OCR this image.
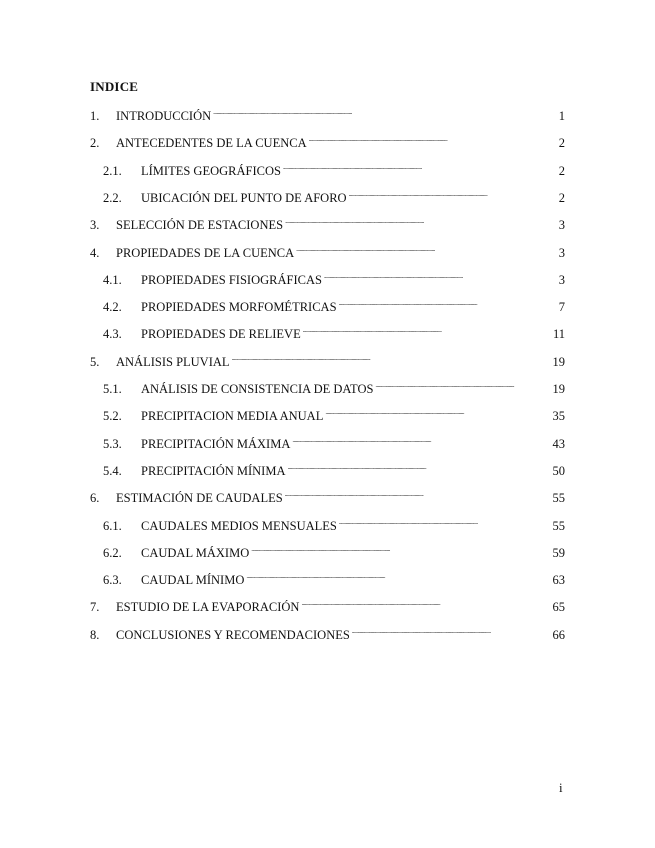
INDICE
1.	INTRODUCCIÓN . . .	1
2.	ANTECEDENTES DE LA CUENCA . . .	2
2.1.	LÍMITES GEOGRÁFICOS . . .	2
2.2.	UBICACIÓN DEL PUNTO DE AFORO . . .	2
3.	SELECCIÓN DE ESTACIONES . . .	3
4.	PROPIEDADES DE LA CUENCA . . .	3
4.1.	PROPIEDADES FISIOGRÁFICAS . . .	3
4.2.	PROPIEDADES MORFOMÉTRICAS . . .	7
4.3.	PROPIEDADES DE RELIEVE . . .	11
5.	ANÁLISIS PLUVIAL . . .	19
5.1.	ANÁLISIS DE CONSISTENCIA DE DATOS . . .	19
5.2.	PRECIPITACION MEDIA ANUAL . . .	35
5.3.	PRECIPITACIÓN MÁXIMA . . .	43
5.4.	PRECIPITACIÓN MÍNIMA . . .	50
6.	ESTIMACIÓN DE CAUDALES . . .	55
6.1.	CAUDALES MEDIOS MENSUALES . . .	55
6.2.	CAUDAL MÁXIMO . . .	59
6.3.	CAUDAL MÍNIMO . . .	63
7.	ESTUDIO DE LA EVAPORACIÓN . . .	65
8.	CONCLUSIONES Y RECOMENDACIONES . . .	66
i
